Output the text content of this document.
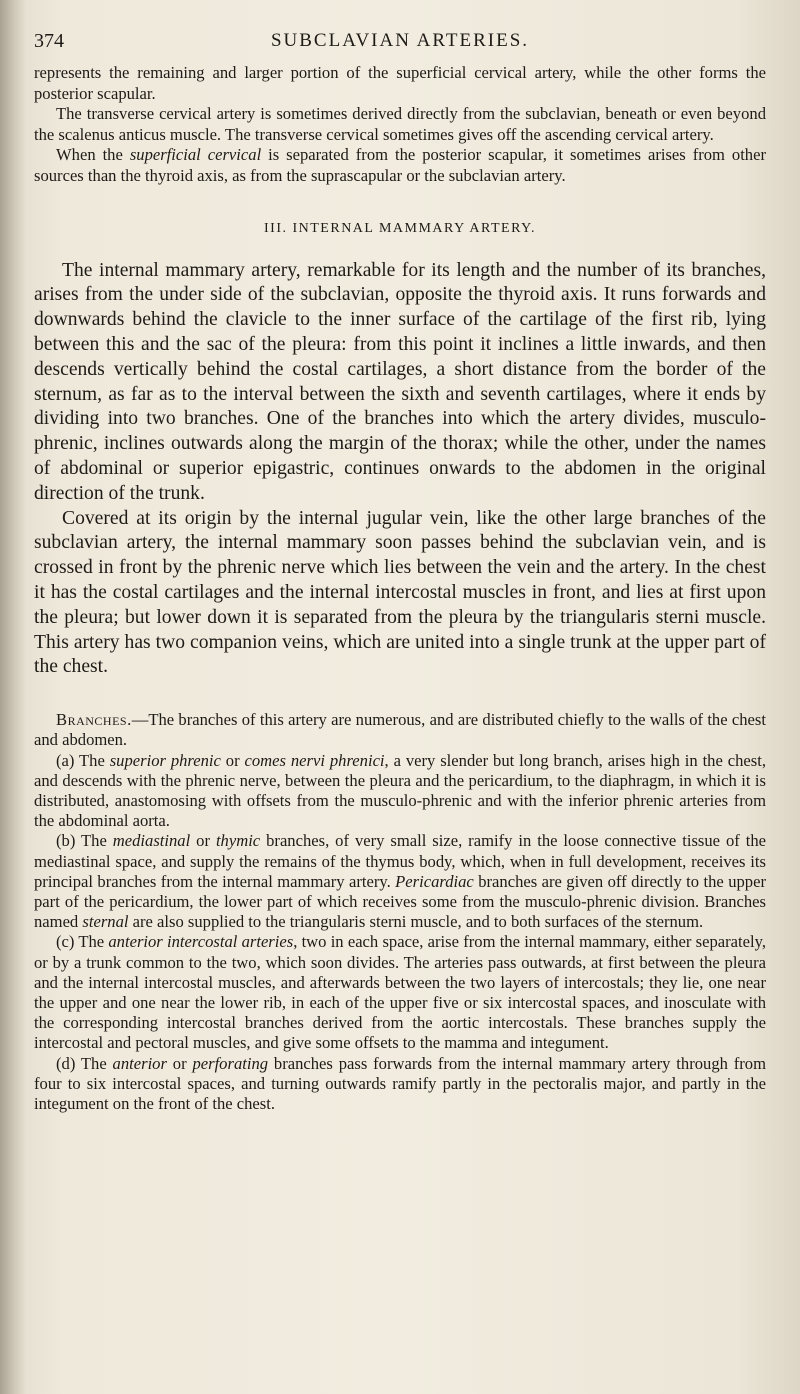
374	SUBCLAVIAN ARTERIES.

represents the remaining and larger portion of the superficial cervical artery, while the other forms the posterior scapular.

The transverse cervical artery is sometimes derived directly from the subclavian, beneath or even beyond the scalenus anticus muscle. The transverse cervical sometimes gives off the ascending cervical artery.

When the superficial cervical is separated from the posterior scapular, it sometimes arises from other sources than the thyroid axis, as from the suprascapular or the subclavian artery.

III. INTERNAL MAMMARY ARTERY.

The internal mammary artery, remarkable for its length and the number of its branches, arises from the under side of the subclavian, opposite the thyroid axis. It runs forwards and downwards behind the clavicle to the inner surface of the cartilage of the first rib, lying between this and the sac of the pleura: from this point it inclines a little inwards, and then descends vertically behind the costal cartilages, a short distance from the border of the sternum, as far as to the interval between the sixth and seventh cartilages, where it ends by dividing into two branches. One of the branches into which the artery divides, musculo-phrenic, inclines outwards along the margin of the thorax; while the other, under the names of abdominal or superior epigastric, continues onwards to the abdomen in the original direction of the trunk.

Covered at its origin by the internal jugular vein, like the other large branches of the subclavian artery, the internal mammary soon passes behind the subclavian vein, and is crossed in front by the phrenic nerve which lies between the vein and the artery. In the chest it has the costal cartilages and the internal intercostal muscles in front, and lies at first upon the pleura; but lower down it is separated from the pleura by the triangularis sterni muscle. This artery has two companion veins, which are united into a single trunk at the upper part of the chest.

Branches.—The branches of this artery are numerous, and are distributed chiefly to the walls of the chest and abdomen.

(a) The superior phrenic or comes nervi phrenici, a very slender but long branch, arises high in the chest, and descends with the phrenic nerve, between the pleura and the pericardium, to the diaphragm, in which it is distributed, anastomosing with offsets from the musculo-phrenic and with the inferior phrenic arteries from the abdominal aorta.

(b) The mediastinal or thymic branches, of very small size, ramify in the loose connective tissue of the mediastinal space, and supply the remains of the thymus body, which, when in full development, receives its principal branches from the internal mammary artery. Pericardiac branches are given off directly to the upper part of the pericardium, the lower part of which receives some from the musculo-phrenic division. Branches named sternal are also supplied to the triangularis sterni muscle, and to both surfaces of the sternum.

(c) The anterior intercostal arteries, two in each space, arise from the internal mammary, either separately, or by a trunk common to the two, which soon divides. The arteries pass outwards, at first between the pleura and the internal intercostal muscles, and afterwards between the two layers of intercostals; they lie, one near the upper and one near the lower rib, in each of the upper five or six intercostal spaces, and inosculate with the corresponding intercostal branches derived from the aortic intercostals. These branches supply the intercostal and pectoral muscles, and give some offsets to the mamma and integument.

(d) The anterior or perforating branches pass forwards from the internal mammary artery through from four to six intercostal spaces, and turning outwards ramify partly in the pectoralis major, and partly in the integument on the front of the chest.
